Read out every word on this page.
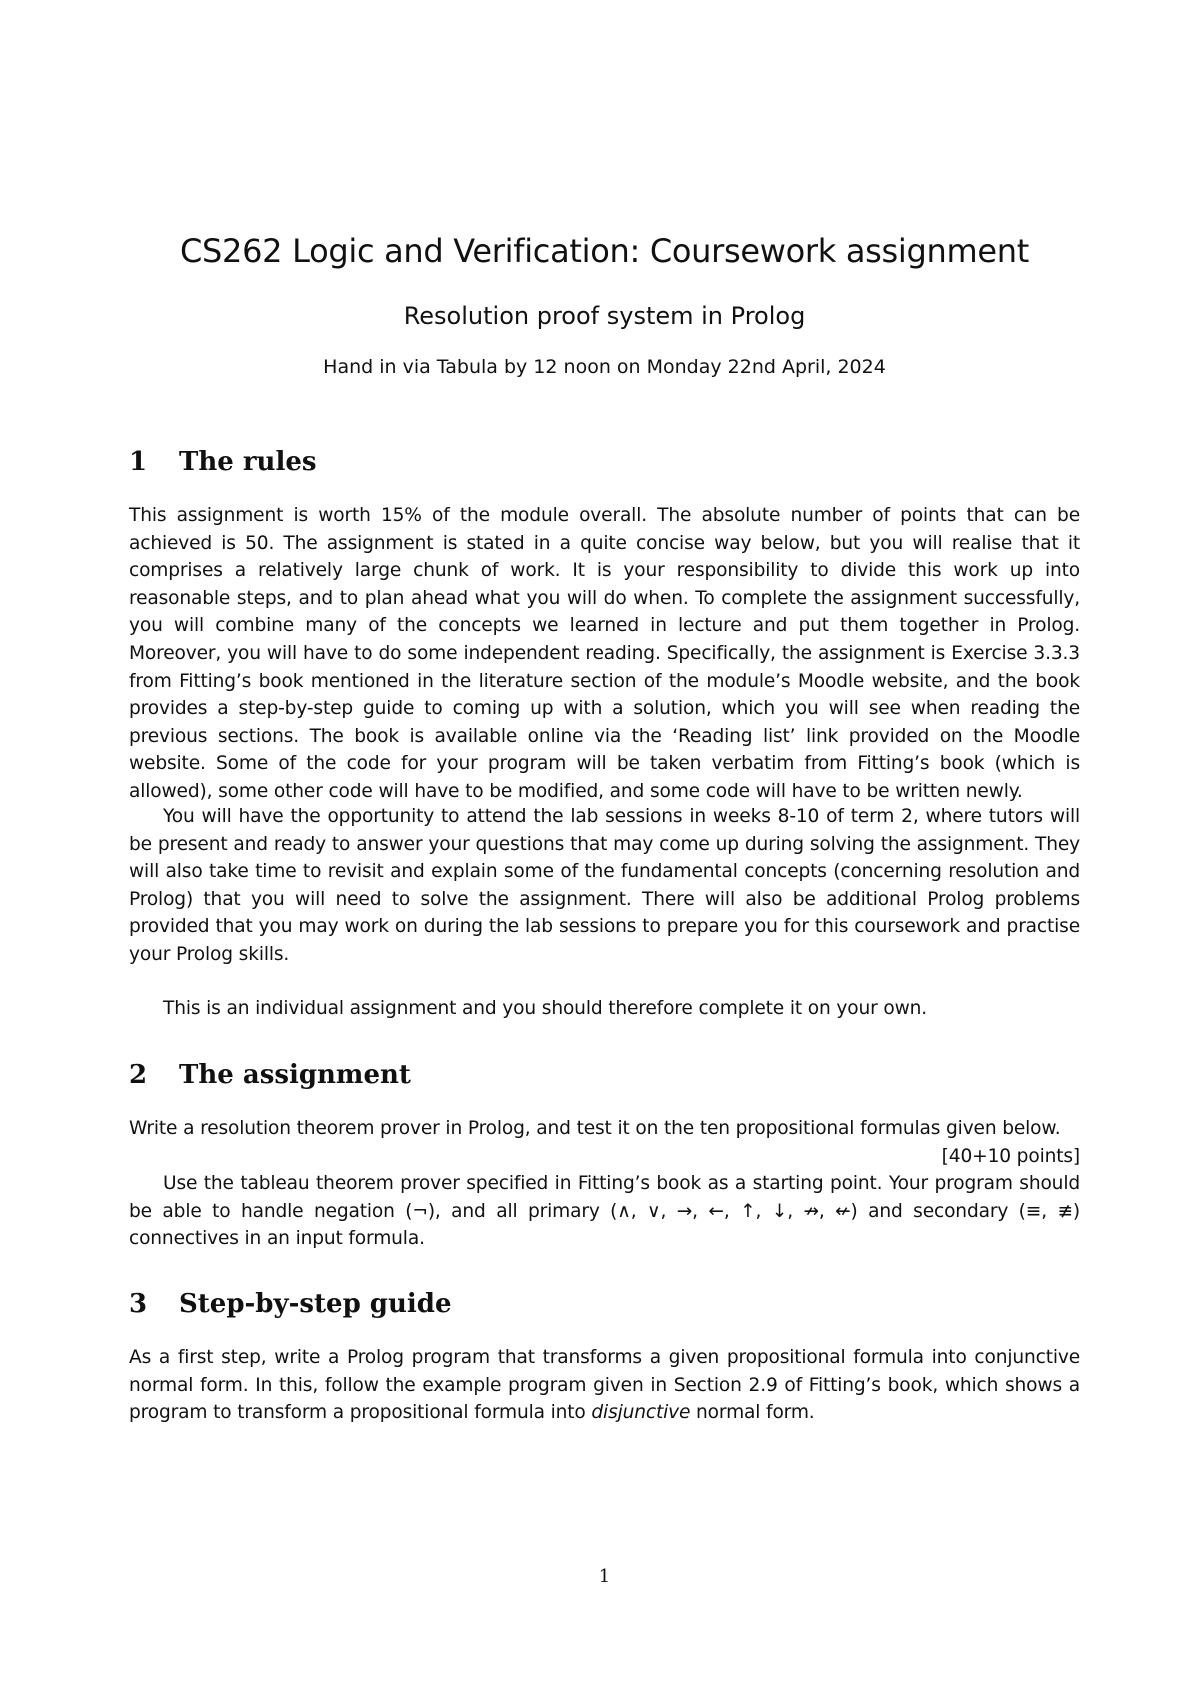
CS262 Logic and Verification: Coursework assignment
Resolution proof system in Prolog
Hand in via Tabula by 12 noon on Monday 22nd April, 2024
1 The rules

This assignment is worth 15% of the module overall. The absolute number of points that can be achieved is 50. The assignment is stated in a quite concise way below, but you will realise that it comprises a relatively large chunk of work. It is your responsibility to divide this work up into reasonable steps, and to plan ahead what you will do when. To complete the assignment successfully, you will combine many of the concepts we learned in lecture and put them together in Prolog. Moreover, you will have to do some independent reading. Specifically, the assignment is Exercise 3.3.3 from Fitting’s book mentioned in the literature section of the module’s Moodle website, and the book provides a step-by-step guide to coming up with a solution, which you will see when reading the previous sections. The book is available online via the ‘Reading list’ link provided on the Moodle website. Some of the code for your program will be taken verbatim from Fitting’s book (which is allowed), some other code will have to be modified, and some code will have to be written newly.

You will have the opportunity to attend the lab sessions in weeks 8-10 of term 2, where tutors will be present and ready to answer your questions that may come up during solving the assignment. They will also take time to revisit and explain some of the fundamental concepts (concerning resolution and Prolog) that you will need to solve the assignment. There will also be additional Prolog problems provided that you may work on during the lab sessions to prepare you for this coursework and practise your Prolog skills.

This is an individual assignment and you should therefore complete it on your own.

2 The assignment

Write a resolution theorem prover in Prolog, and test it on the ten propositional formulas given below.
[40+10 points]

Use the tableau theorem prover specified in Fitting’s book as a starting point. Your program should be able to handle negation (¬), and all primary (∧, ∨, →, ←, ↑, ↓, ↛, ↚) and secondary (≡, ≢) connectives in an input formula.

3 Step-by-step guide

As a first step, write a Prolog program that transforms a given propositional formula into conjunctive normal form. In this, follow the example program given in Section 2.9 of Fitting’s book, which shows a program to transform a propositional formula into disjunctive normal form.

1
